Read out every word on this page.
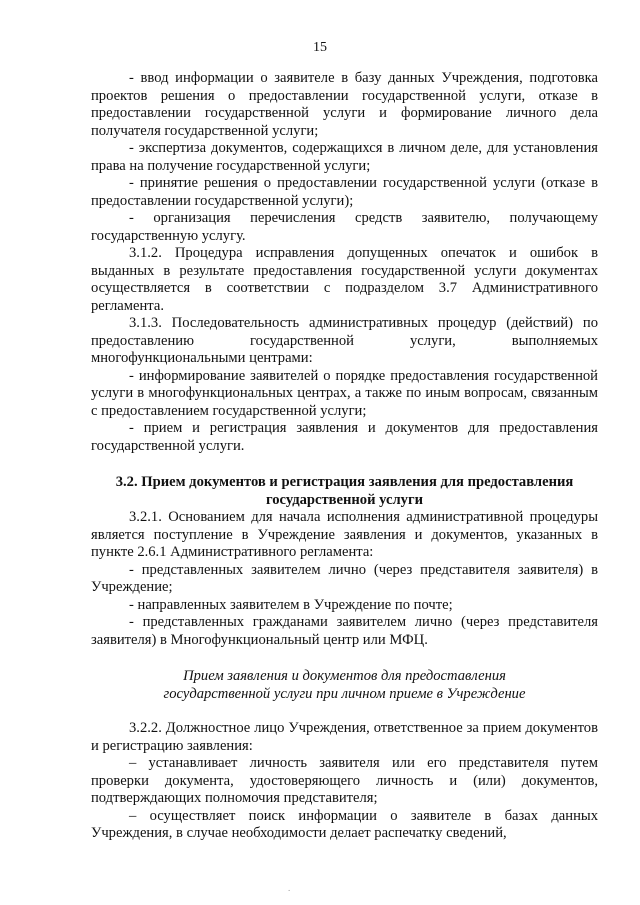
15

- ввод информации о заявителе в базу данных Учреждения, подготовка проектов решения о предоставлении государственной услуги, отказе в предоставлении государственной услуги и формирование личного дела получателя государственной услуги;

- экспертиза документов, содержащихся в личном деле, для установления права на получение государственной услуги;

- принятие решения о предоставлении государственной услуги (отказе в предоставлении государственной услуги);

- организация перечисления средств заявителю, получающему государственную услугу.

3.1.2. Процедура исправления допущенных опечаток и ошибок в выданных в результате предоставления государственной услуги документах осуществляется в соответствии с подразделом 3.7 Административного регламента.

3.1.3. Последовательность административных процедур (действий) по предоставлению государственной услуги, выполняемых многофункциональными центрами:

- информирование заявителей о порядке предоставления государственной услуги в многофункциональных центрах, а также по иным вопросам, связанным с предоставлением государственной услуги;

- прием и регистрация заявления и документов для предоставления государственной услуги.

3.2. Прием документов и регистрация заявления для предоставления
государственной услуги

3.2.1. Основанием для начала исполнения административной процедуры является поступление в Учреждение заявления и документов, указанных в пункте 2.6.1 Административного регламента:

- представленных заявителем лично (через представителя заявителя) в Учреждение;

- направленных заявителем в Учреждение по почте;

- представленных гражданами заявителем лично (через представителя заявителя) в Многофункциональный центр или МФЦ.

Прием заявления и документов для предоставления
государственной услуги при личном приеме в Учреждение

3.2.2. Должностное лицо Учреждения, ответственное за прием документов и регистрацию заявления:

– устанавливает личность заявителя или его представителя путем проверки документа, удостоверяющего личность и (или) документов, подтверждающих полномочия представителя;

– осуществляет поиск информации о заявителе в базах данных Учреждения, в случае необходимости делает распечатку сведений,

.
